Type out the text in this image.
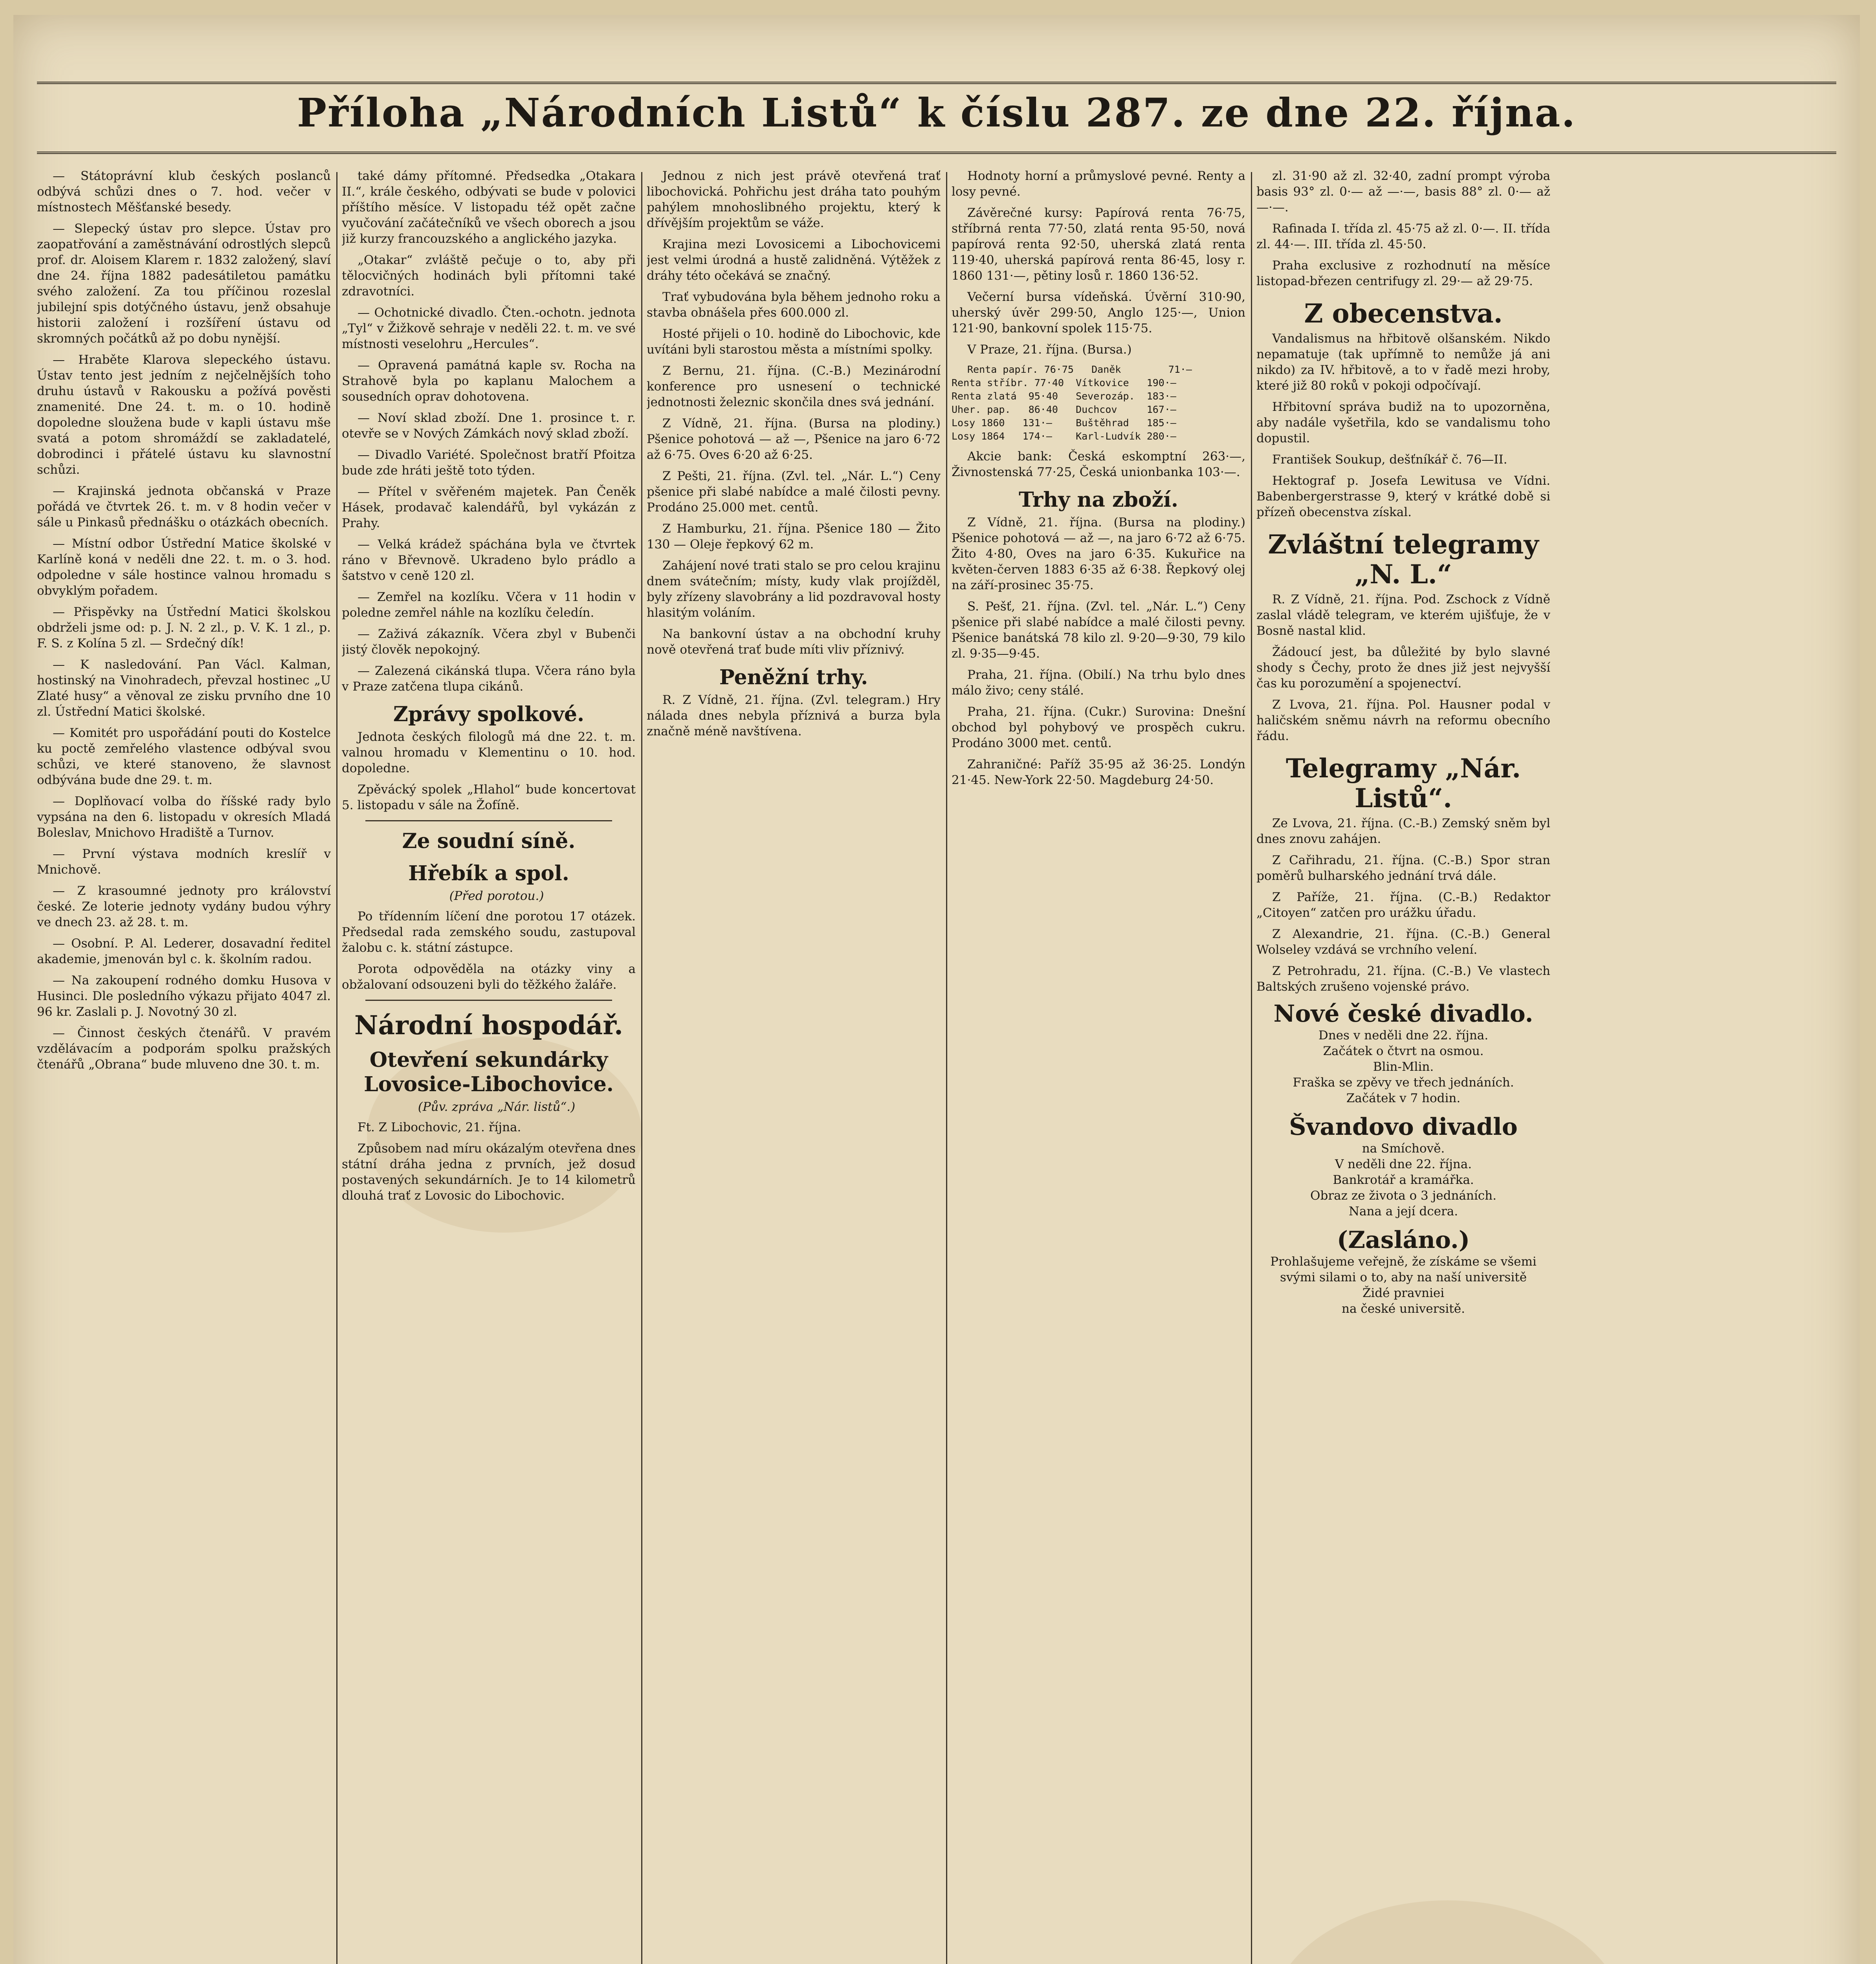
Příloha „Národních Listů“ k číslu 287. ze dne 22. října.

— Státoprávní klub českých poslanců odbývá schůzi dnes o 7. hod. večer v místnostech Měšťanské besedy.

— Slepecký ústav pro slepce. Ústav pro zaopatřování a zaměstnávání odrostlých slepců prof. dr. Aloisem Klarem r. 1832 založený, slaví dne 24. října 1882 padesátiletou památku svého založení. Za tou příčinou rozeslal jubilejní spis dotýčného ústavu, jenž obsahuje historii založení i rozšíření ústavu od skromných počátků až po dobu nynější.

— Hraběte Klarova slepeckého ústavu. Ústav tento jest jedním z nejčelnějších toho druhu ústavů v Rakousku a požívá pověsti znamenité. Dne 24. t. m. o 10. hodině dopoledne sloužena bude v kapli ústavu mše svatá a potom shromáždí se zakladatelé, dobrodinci i přátelé ústavu ku slavnostní schůzi.

— Krajinská jednota občanská v Praze pořádá ve čtvrtek 26. t. m. v 8 hodin večer v sále u Pinkasů přednášku o otázkách obecních.

— Místní odbor Ústřední Matice školské v Karlíně koná v neděli dne 22. t. m. o 3. hod. odpoledne v sále hostince valnou hromadu s obvyklým pořadem.

— Přispěvky na Ústřední Matici školskou obdrželi jsme od: p. J. N. 2 zl., p. V. K. 1 zl., p. F. S. z Kolína 5 zl. — Srdečný dík!

— K nasledování. Pan Václ. Kalman, hostinský na Vinohradech, převzal hostinec „U Zlaté husy“ a věnoval ze zisku prvního dne 10 zl. Ústřední Matici školské.

— Komitét pro uspořádání pouti do Kostelce ku poctě zemřelého vlastence odbýval svou schůzi, ve které stanoveno, že slavnost odbývána bude dne 29. t. m.

— Doplňovací volba do říšské rady bylo vypsána na den 6. listopadu v okresích Mladá Boleslav, Mnichovo Hradiště a Turnov.

— První výstava modních kreslíř v Mnichově.

— Z krasoumné jednoty pro království české. Ze loterie jednoty vydány budou výhry ve dnech 23. až 28. t. m.

— Osobní. P. Al. Lederer, dosavadní ředitel akademie, jmenován byl c. k. školním radou.

— Na zakoupení rodného domku Husova v Husinci. Dle posledního výkazu přijato 4047 zl. 96 kr. Zaslali p. J. Novotný 30 zl.

— Činnost českých čtenářů. V pravém vzdělávacím a podporám spolku pražských čtenářů „Obrana“ bude mluveno dne 30. t. m.

také dámy přítomné. Předsedka „Otakara II.“, krále českého, odbývati se bude v polovici příštího měsíce. V listopadu též opět začne vyučování začátečníků ve všech oborech a jsou již kurzy francouzského a anglického jazyka.

„Otakar“ zvláště pečuje o to, aby při tělocvičných hodinách byli přítomni také zdravotníci.

— Ochotnické divadlo. Čten.-ochotn. jednota „Tyl“ v Žižkově sehraje v neděli 22. t. m. ve své místnosti veselohru „Hercules“.

— Opravená památná kaple sv. Rocha na Strahově byla po kaplanu Malochem a sousedních oprav dohotovena.

— Noví sklad zboží. Dne 1. prosince t. r. otevře se v Nových Zámkách nový sklad zboží.

— Divadlo Variété. Společnost bratří Pfoitza bude zde hráti ještě toto týden.

— Přítel v svěřeném majetek. Pan Čeněk Hásek, prodavač kalendářů, byl vykázán z Prahy.

— Velká krádež spáchána byla ve čtvrtek ráno v Břevnově. Ukradeno bylo prádlo a šatstvo v ceně 120 zl.

— Zemřel na kozlíku. Včera v 11 hodin v poledne zemřel náhle na kozlíku čeledín.

— Zaživá zákazník. Včera zbyl v Bubenči jistý člověk nepokojný.

— Zalezená cikánská tlupa. Včera ráno byla v Praze zatčena tlupa cikánů.

Zprávy spolkové.

Jednota českých filologů má dne 22. t. m. valnou hromadu v Klementinu o 10. hod. dopoledne.

Zpěvácký spolek „Hlahol“ bude koncertovat 5. listopadu v sále na Žofíně.

Ze soudní síně.
Hřebík a spol.

(Před porotou.)

Po třídenním líčení dne porotou 17 otázek. Předsedal rada zemského soudu, zastupoval žalobu c. k. státní zástupce.

Porota odpověděla na otázky viny a obžalovaní odsouzeni byli do těžkého žaláře.

Národní hospodář.
Otevření sekundárky Lovosice-Libochovice.

(Pův. zpráva „Nár. listů“.)

Ft. Z Libochovic, 21. října.

Způsobem nad míru okázalým otevřena dnes státní dráha jedna z prvních, jež dosud postavených sekundárních. Je to 14 kilometrů dlouhá trať z Lovosic do Libochovic.

Jednou z nich jest právě otevřená trať libochovická. Pohřichu jest dráha tato pouhým pahýlem mnohoslibného projektu, který k dřívějším projektům se váže.

Krajina mezi Lovosicemi a Libochovicemi jest velmi úrodná a hustě zalidněná. Výtěžek z dráhy této očekává se značný.

Trať vybudována byla během jednoho roku a stavba obnášela přes 600.000 zl.

Hosté přijeli o 10. hodině do Libochovic, kde uvítáni byli starostou města a místními spolky.

Z Bernu, 21. října. (C.-B.) Mezinárodní konference pro usnesení o technické jednotnosti železnic skončila dnes svá jednání.

Z Vídně, 21. října. (Bursa na plodiny.) Pšenice pohotová — až —, Pšenice na jaro 6·72 až 6·75. Oves 6·20 až 6·25.

Z Pešti, 21. října. (Zvl. tel. „Nár. L.“) Ceny pšenice při slabé nabídce a malé čilosti pevny. Prodáno 25.000 met. centů.

Z Hamburku, 21. října. Pšenice 180 — Žito 130 — Oleje řepkový 62 m.

Zahájení nové trati stalo se pro celou krajinu dnem svátečním; místy, kudy vlak projížděl, byly zřízeny slavobrány a lid pozdravoval hosty hlasitým voláním.

Na bankovní ústav a na obchodní kruhy nově otevřená trať bude míti vliv příznivý.

Peněžní trhy.

R. Z Vídně, 21. října. (Zvl. telegram.) Hry nálada dnes nebyla příznivá a burza byla značně méně navštívena.

Hodnoty horní a průmyslové pevné. Renty a losy pevné.

Závěrečné kursy: Papírová renta 76·75, stříbrná renta 77·50, zlatá renta 95·50, nová papírová renta 92·50, uherská zlatá renta 119·40, uherská papírová renta 86·45, losy r. 1860 131·—, pětiny losů r. 1860 136·52.

Večerní bursa vídeňská. Úvěrní 310·90, uherský úvěr 299·50, Anglo 125·—, Union 121·90, bankovní spolek 115·75.

V Praze, 21. října. (Bursa.)

Renta papír. 76·75   Daněk        71·—
Renta stříbr. 77·40  Vítkovice   190·—
Renta zlatá  95·40   Severozáp.  183·—
Uher. pap.   86·40   Duchcov     167·—
Losy 1860   131·—    Buštěhrad   185·—
Losy 1864   174·—    Karl-Ludvík 280·—

Akcie bank: Česká eskomptní 263·—, Živnostenská 77·25, Česká unionbanka 103·—.

Trhy na zboží.

Z Vídně, 21. října. (Bursa na plodiny.) Pšenice pohotová — až —, na jaro 6·72 až 6·75. Žito 4·80, Oves na jaro 6·35. Kukuřice na květen-červen 1883 6·35 až 6·38. Řepkový olej na září-prosinec 35·75.

S. Pešť, 21. října. (Zvl. tel. „Nár. L.“) Ceny pšenice při slabé nabídce a malé čilosti pevny. Pšenice banátská 78 kilo zl. 9·20—9·30, 79 kilo zl. 9·35—9·45.

Praha, 21. října. (Obilí.) Na trhu bylo dnes málo živo; ceny stálé.

Praha, 21. října. (Cukr.) Surovina: Dnešní obchod byl pohybový ve prospěch cukru. Prodáno 3000 met. centů.

Zahraničné: Paříž 35·95 až 36·25. Londýn 21·45. New-York 22·50. Magdeburg 24·50.

zl. 31·90 až zl. 32·40, zadní prompt výroba basis 93° zl. 0·— až —·—, basis 88° zl. 0·— až —·—.

Rafinada I. třída zl. 45·75 až zl. 0·—. II. třída zl. 44·—. III. třída zl. 45·50.

Praha exclusive z rozhodnutí na měsíce listopad-březen centrifugy zl. 29·— až 29·75.

Z obecenstva.

Vandalismus na hřbitově olšanském. Nikdo nepamatuje (tak upřímně to nemůže já ani nikdo) za IV. hřbitově, a to v řadě mezi hroby, které již 80 roků v pokoji odpočívají.

Hřbitovní správa budiž na to upozorněna, aby nadále vyšetřila, kdo se vandalismu toho dopustil.

František Soukup, dešťníkář č. 76—II.

Hektograf p. Josefa Lewitusa ve Vídni. Babenbergerstrasse 9, který v krátké době si přízeň obecenstva získal.

Zvláštní telegramy „N. L.“

R. Z Vídně, 21. října. Pod. Zschock z Vídně zaslal vládě telegram, ve kterém ujišťuje, že v Bosně nastal klid.

Žádoucí jest, ba důležité by bylo slavné shody s Čechy, proto že dnes již jest nejvyšší čas ku porozumění a spojenectví.

Z Lvova, 21. října. Pol. Hausner podal v haličském sněmu návrh na reformu obecního řádu.

Telegramy „Nár. Listů“.

Ze Lvova, 21. října. (C.-B.) Zemský sněm byl dnes znovu zahájen.

Z Cařihradu, 21. října. (C.-B.) Spor stran poměrů bulharského jednání trvá dále.

Z Paříže, 21. října. (C.-B.) Redaktor „Citoyen“ zatčen pro urážku úřadu.

Z Alexandrie, 21. října. (C.-B.) General Wolseley vzdává se vrchního velení.

Z Petrohradu, 21. října. (C.-B.) Ve vlastech Baltských zrušeno vojenské právo.

Nové české divadlo.
Dnes v neděli dne 22. října.
Začátek o čtvrt na osmou.
Blin-Mlin.
Fraška se zpěvy ve třech jednáních.
Začátek v 7 hodin.
Švandovo divadlo
na Smíchově.
V neděli dne 22. října.
Bankrotář a kramářka.
Obraz ze života o 3 jednáních.
Nana a její dcera.
(Zasláno.)
Prohlašujeme veřejně, že získáme se všemi svými silami o to, aby na naší universitě
Židé pravniei
na české universitě.
